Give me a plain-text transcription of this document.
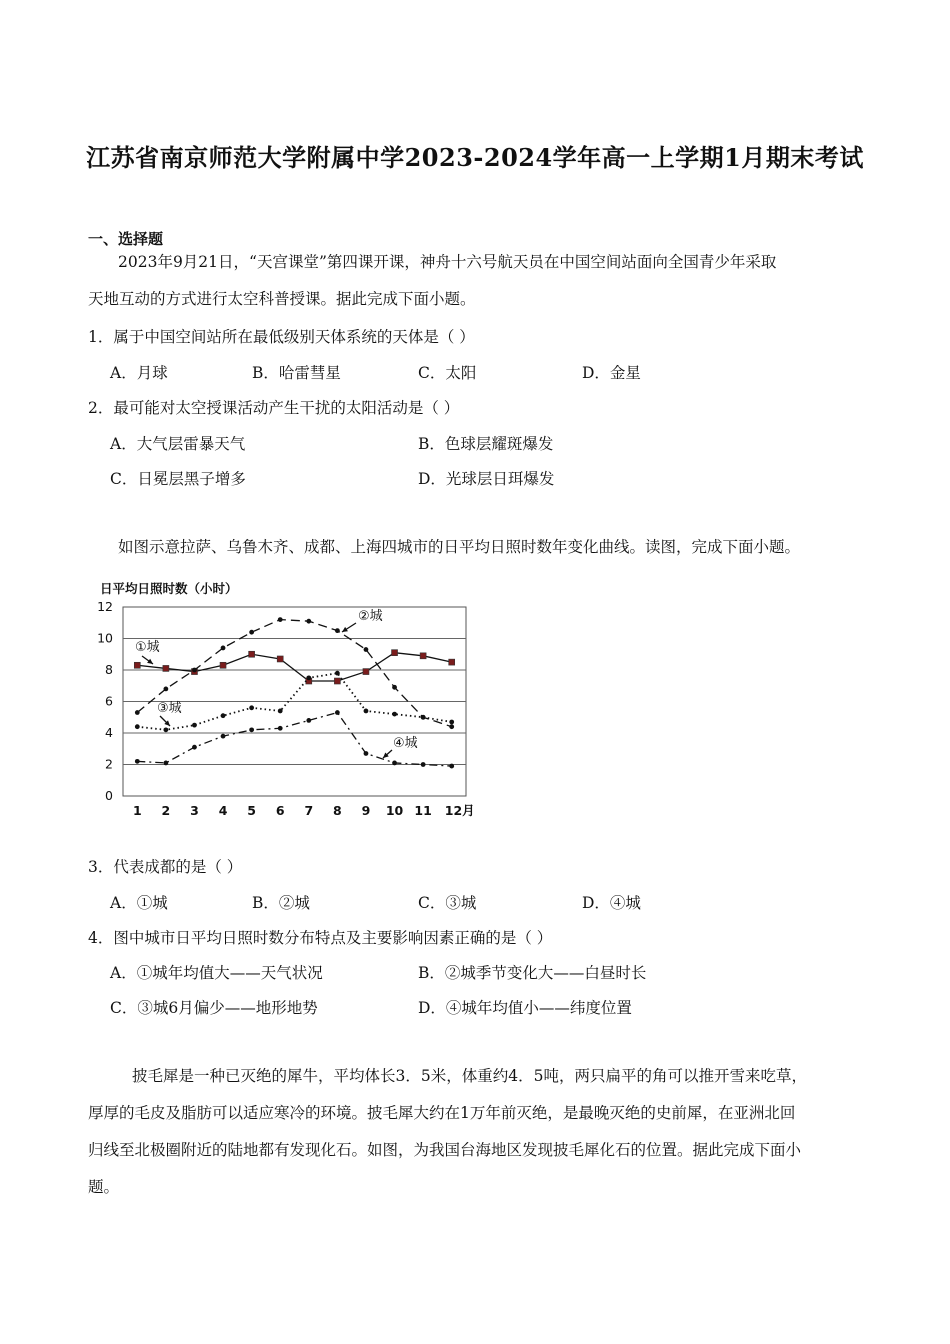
江苏省南京师范大学附属中学2023-2024学年高一上学期1月期末考试
一、选择题
2023年9月21日，“天宫课堂”第四课开课，神舟十六号航天员在中国空间站面向全国青少年采取
天地互动的方式进行太空科普授课。据此完成下面小题。
1．属于中国空间站所在最低级别天体系统的天体是（ ）
A．月球	B．哈雷彗星	C．太阳	D．金星
2．最可能对太空授课活动产生干扰的太阳活动是（ ）
A．大气层雷暴天气	B．色球层耀斑爆发
C．日冕层黑子增多	D．光球层日珥爆发
如图示意拉萨、乌鲁木齐、成都、上海四城市的日平均日照时数年变化曲线。读图，完成下面小题。
日平均日照时数（小时）
0
2
4
6
8
10
12
1 2 3 4 5 6 7 8 9 10 11 12月
①城
②城
③城
④城
3．代表成都的是（ ）
A．①城	B．②城	C．③城	D．④城
4．图中城市日平均日照时数分布特点及主要影响因素正确的是（ ）
A．①城年均值大——天气状况	B．②城季节变化大——白昼时长
C．③城6月偏少——地形地势	D．④城年均值小——纬度位置
披毛犀是一种已灭绝的犀牛，平均体长3．5米，体重约4．5吨，两只扁平的角可以推开雪来吃草，
厚厚的毛皮及脂肪可以适应寒冷的环境。披毛犀大约在1万年前灭绝，是最晚灭绝的史前犀，在亚洲北回
归线至北极圈附近的陆地都有发现化石。如图，为我国台海地区发现披毛犀化石的位置。据此完成下面小
题。
